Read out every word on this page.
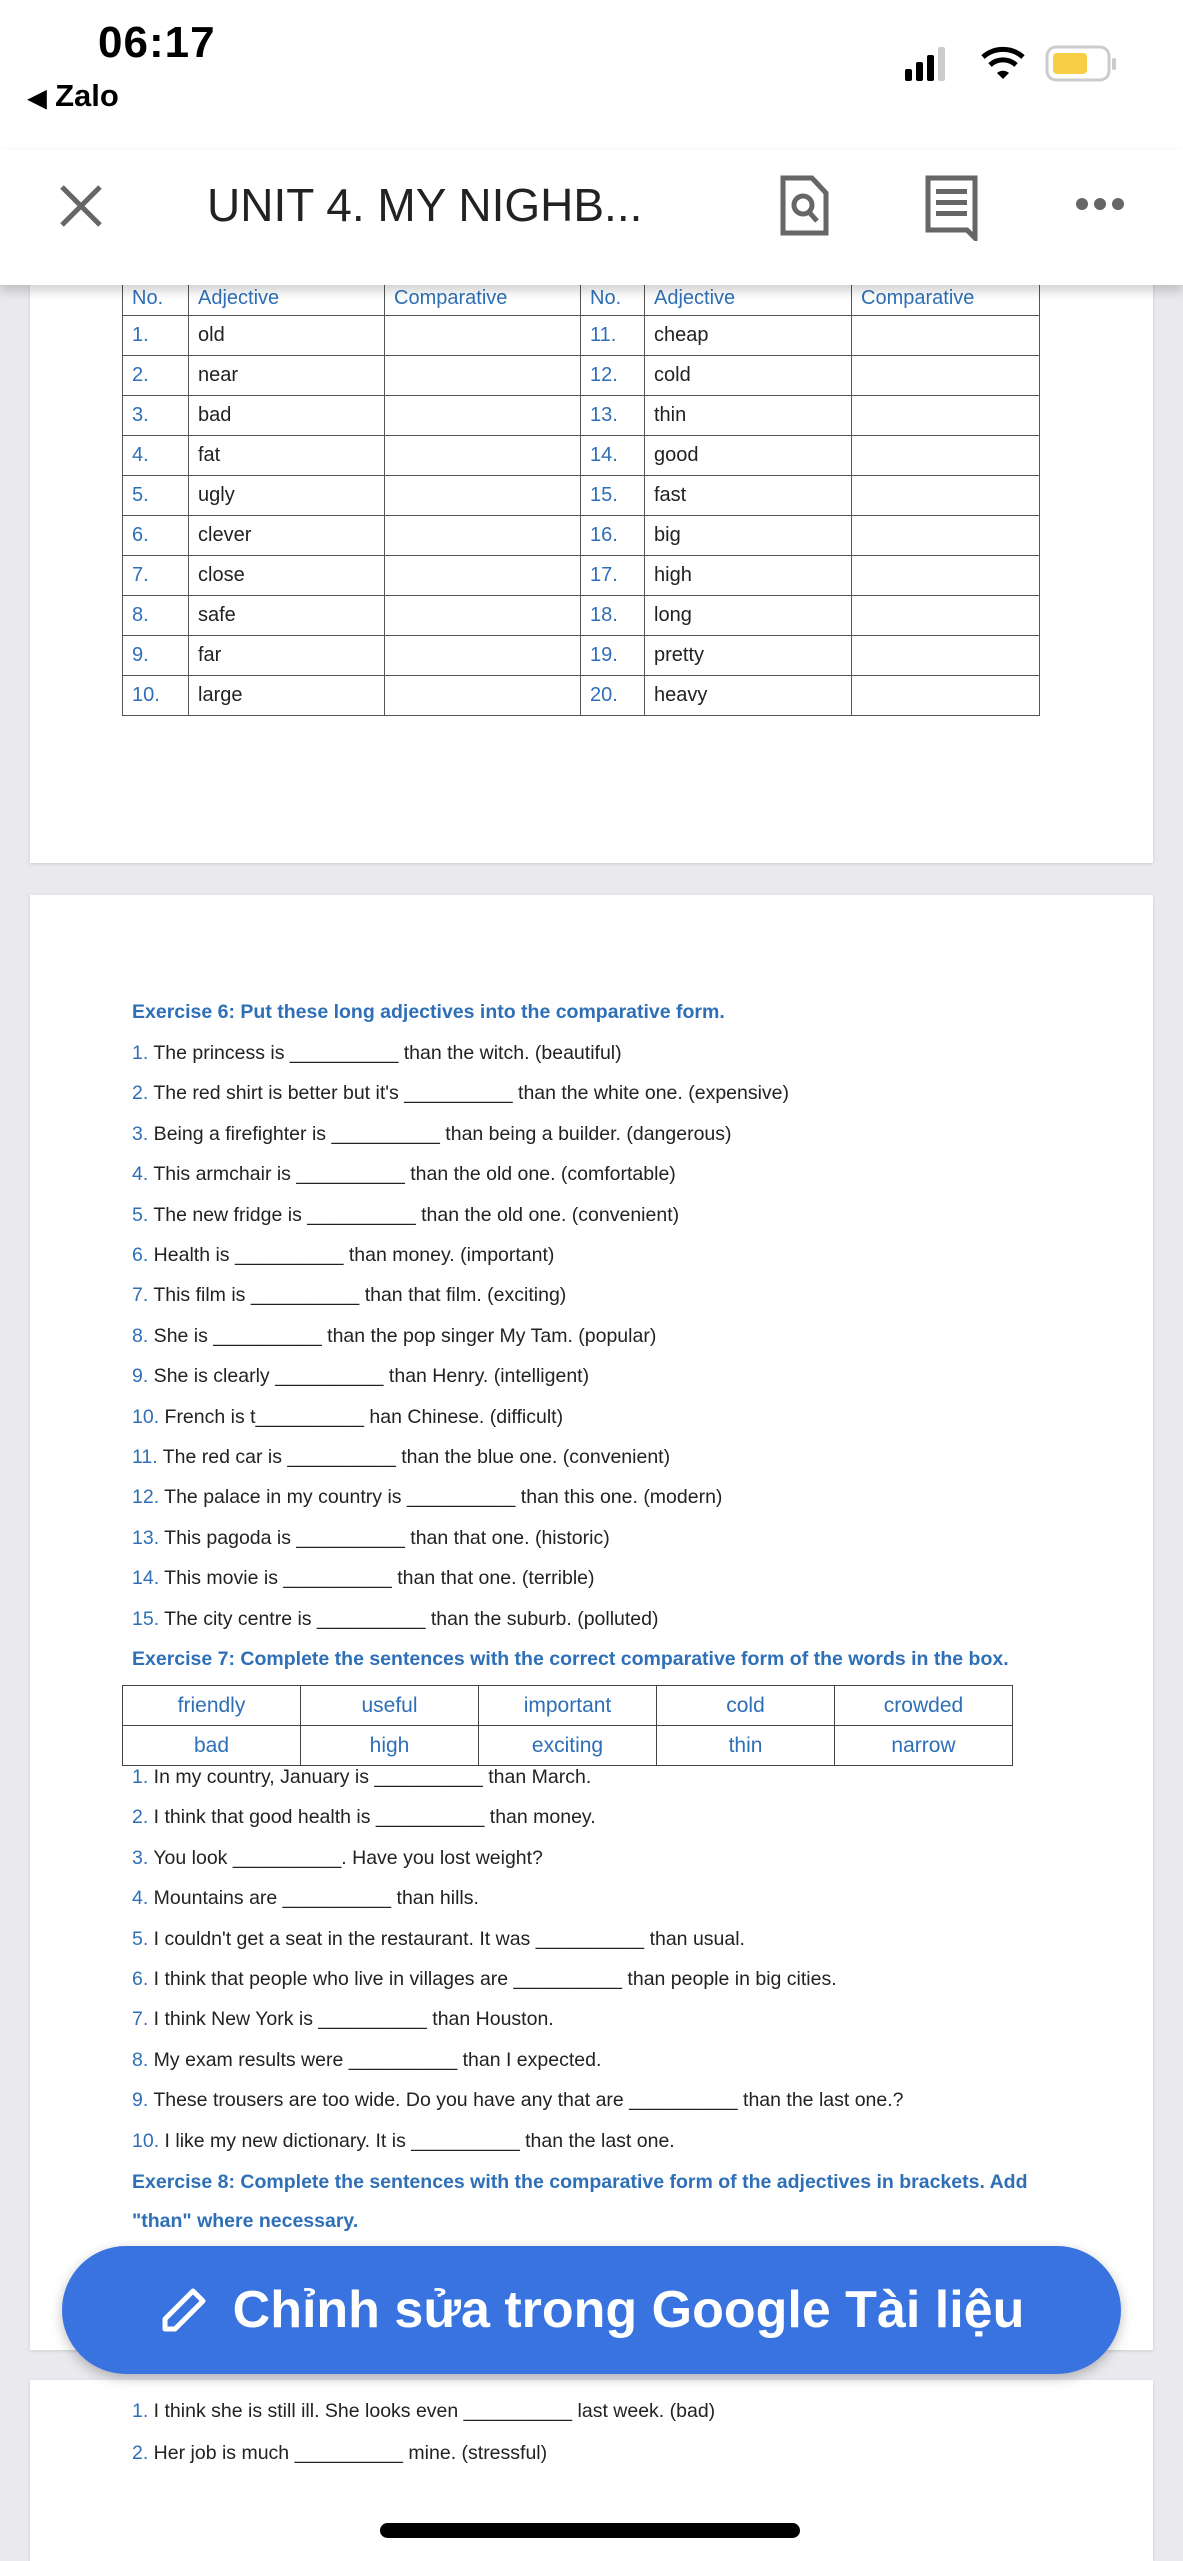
06:17
◀ Zalo
UNIT 4. MY NIGHB...
No.	Adjective	Comparative	No.	Adjective	Comparative
1.	old		11.	cheap	
2.	near		12.	cold	
3.	bad		13.	thin	
4.	fat		14.	good	
5.	ugly		15.	fast	
6.	clever		16.	big	
7.	close		17.	high	
8.	safe		18.	long	
9.	far		19.	pretty	
10.	large		20.	heavy	
Exercise 6: Put these long adjectives into the comparative form.
1. The princess is __________ than the witch. (beautiful)
2. The red shirt is better but it's __________ than the white one. (expensive)
3. Being a firefighter is __________ than being a builder. (dangerous)
4. This armchair is __________ than the old one. (comfortable)
5. The new fridge is __________ than the old one. (convenient)
6. Health is __________ than money. (important)
7. This film is __________ than that film. (exciting)
8. She is __________ than the pop singer My Tam. (popular)
9. She is clearly __________ than Henry. (intelligent)
10. French is t__________ han Chinese. (difficult)
11. The red car is __________ than the blue one. (convenient)
12. The palace in my country is __________ than this one. (modern)
13. This pagoda is __________ than that one. (historic)
14. This movie is __________ than that one. (terrible)
15. The city centre is __________ than the suburb. (polluted)
Exercise 7: Complete the sentences with the correct comparative form of the words in the box.
friendly	useful	important	cold	crowded
bad	high	exciting	thin	narrow
1. In my country, January is __________ than March.
2. I think that good health is __________ than money.
3. You look __________. Have you lost weight?
4. Mountains are __________ than hills.
5. I couldn't get a seat in the restaurant. It was __________ than usual.
6. I think that people who live in villages are __________ than people in big cities.
7. I think New York is __________ than Houston.
8. My exam results were __________ than I expected.
9. These trousers are too wide. Do you have any that are __________ than the last one.?
10. I like my new dictionary. It is __________ than the last one.
Exercise 8: Complete the sentences with the comparative form of the adjectives in brackets. Add
"than" where necessary.
1. I think she is still ill. She looks even __________ last week. (bad)
2. Her job is much __________ mine. (stressful)
Chỉnh sửa trong Google Tài liệu
